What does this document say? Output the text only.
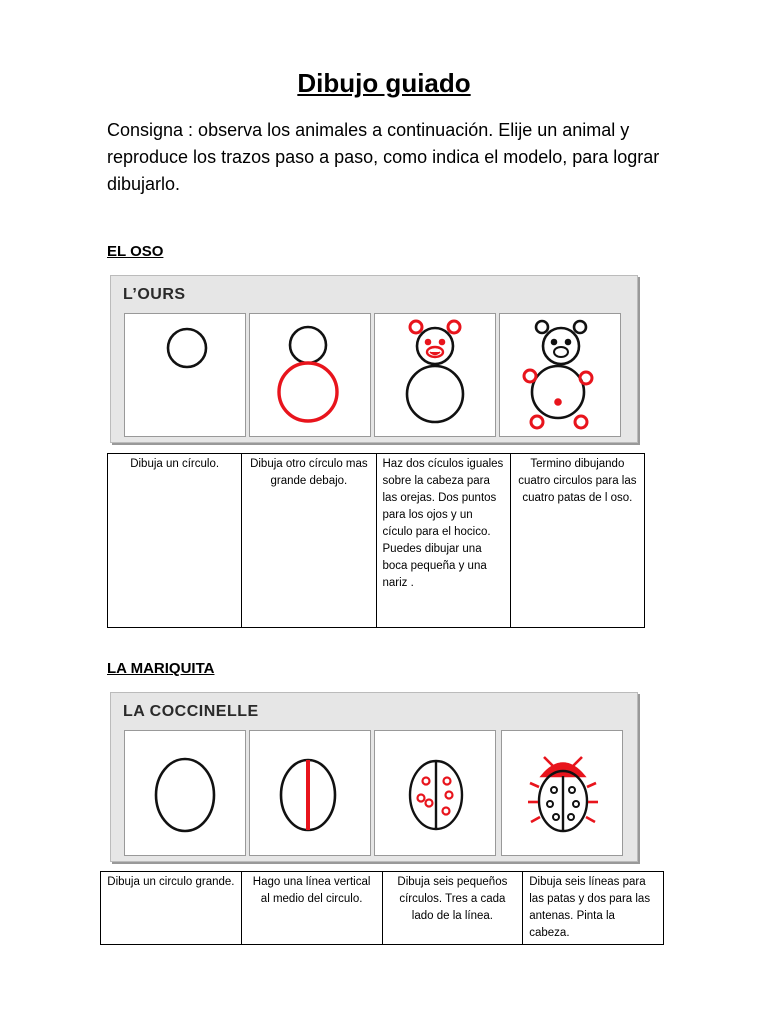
Dibujo guiado
Consigna : observa los animales a continuación. Elije un animal y reproduce los trazos paso a paso, como indica el modelo, para lograr dibujarlo.
EL OSO
L’OURS
Dibuja un círculo.	Dibuja otro círculo mas grande debajo.	Haz dos cículos iguales sobre la cabeza para las orejas. Dos puntos para los ojos y un cículo para el hocico. Puedes dibujar una boca pequeña y una nariz .	Termino dibujando cuatro circulos para las cuatro patas de l oso.
LA MARIQUITA
LA COCCINELLE
Dibuja un circulo grande.	Hago una línea vertical al medio del circulo.	Dibuja seis pequeños círculos. Tres a cada lado de la línea.	Dibuja seis líneas para las patas y dos para las antenas. Pinta la cabeza.
